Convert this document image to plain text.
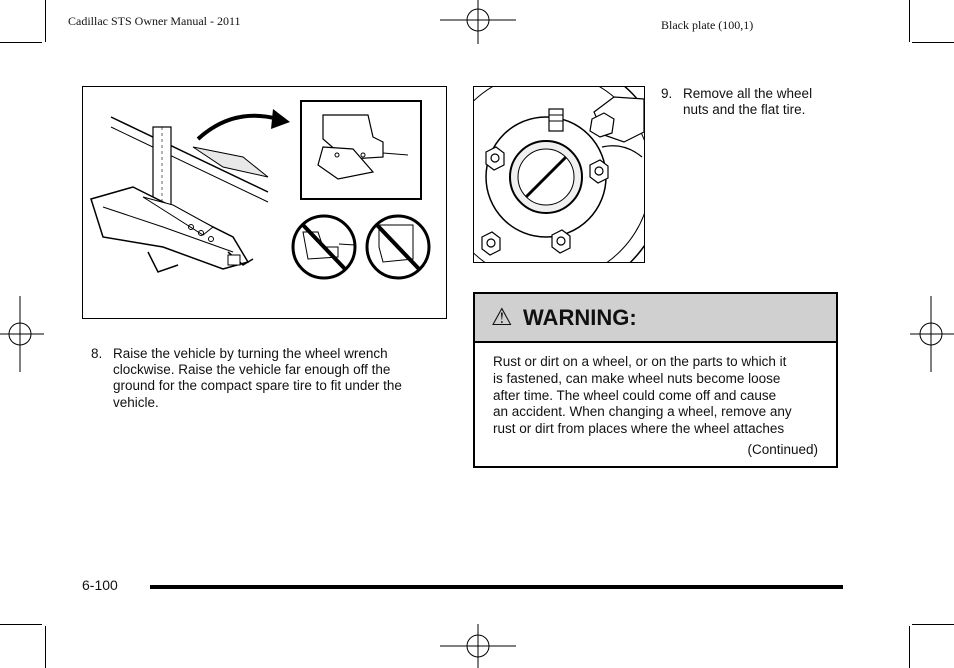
Cadillac STS Owner Manual - 2011	Black plate (100,1)
8. Raise the vehicle by turning the wheel wrench
clockwise. Raise the vehicle far enough off the
ground for the compact spare tire to fit under the
vehicle.
9. Remove all the wheel
nuts and the flat tire.
⚠ WARNING:
Rust or dirt on a wheel, or on the parts to which it
is fastened, can make wheel nuts become loose
after time. The wheel could come off and cause
an accident. When changing a wheel, remove any
rust or dirt from places where the wheel attaches
(Continued)
6-100
